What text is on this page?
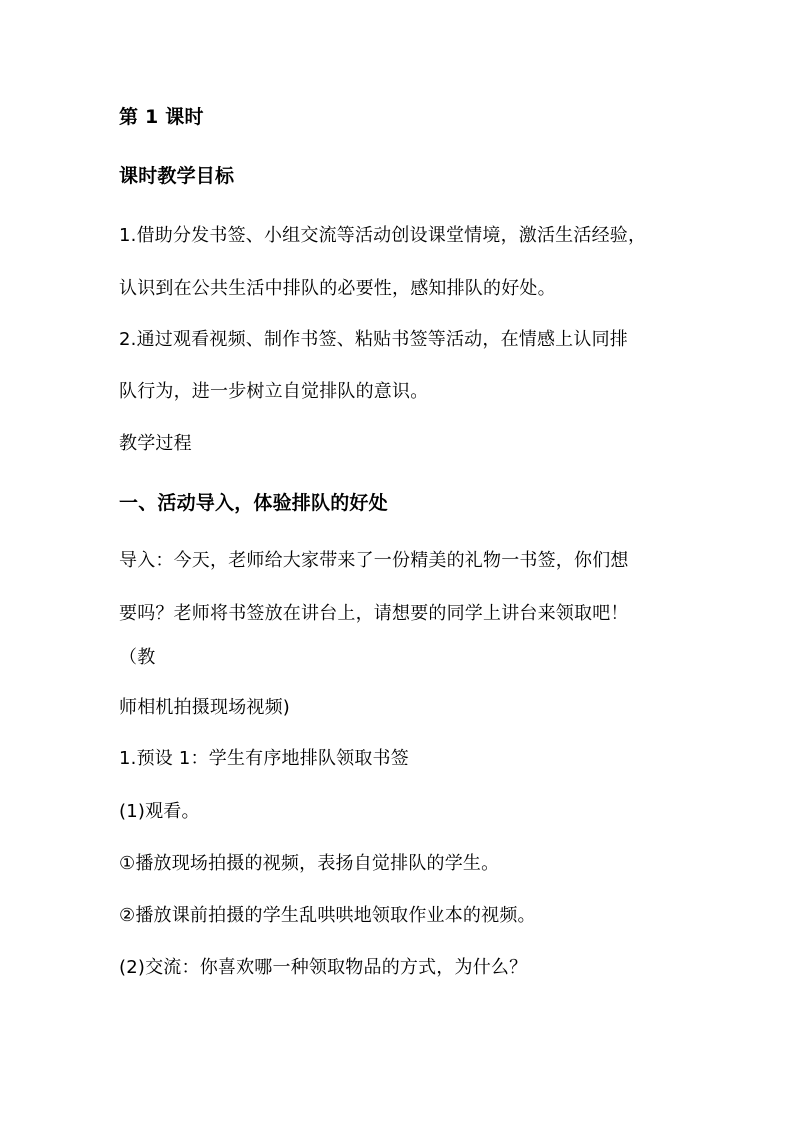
第 1 课时
课时教学目标
1.借助分发书签、小组交流等活动创设课堂情境，激活生活经验，
认识到在公共生活中排队的必要性，感知排队的好处。
2.通过观看视频、制作书签、粘贴书签等活动，在情感上认同排
队行为，进一步树立自觉排队的意识。
教学过程
一、活动导入，体验排队的好处
导入：今天，老师给大家带来了一份精美的礼物一书签，你们想
要吗？老师将书签放在讲台上，请想要的同学上讲台来领取吧！
（教
师相机拍摄现场视频)
1.预设 1：学生有序地排队领取书签
(1)观看。
①播放现场拍摄的视频，表扬自觉排队的学生。
②播放课前拍摄的学生乱哄哄地领取作业本的视频。
(2)交流：你喜欢哪一种领取物品的方式，为什么？
